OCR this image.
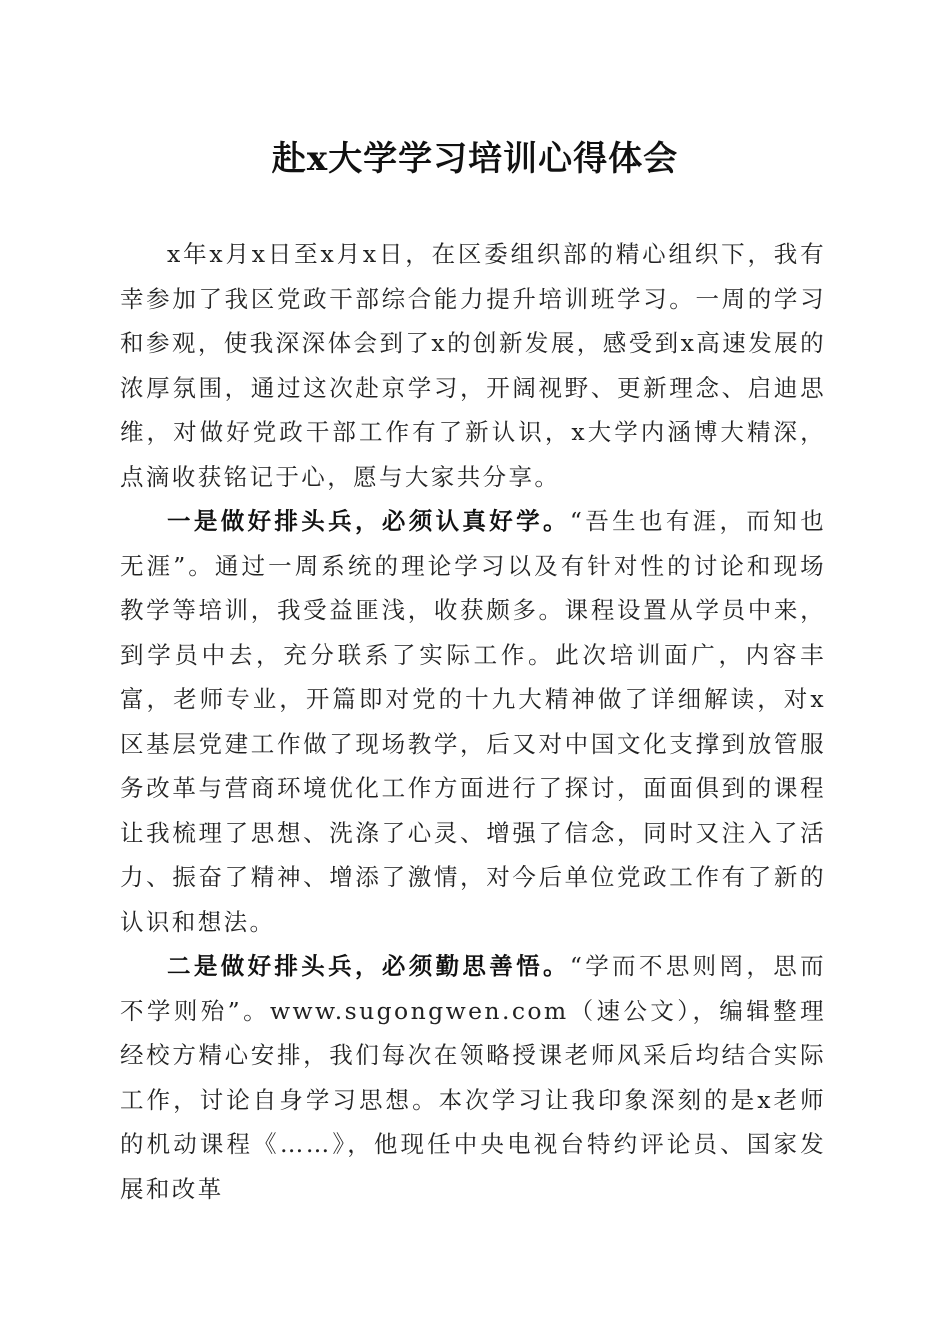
赴x大学学习培训心得体会

x年x月x日至x月x日，在区委组织部的精心组织下，我有幸参加了我区党政干部综合能力提升培训班学习。一周的学习和参观，使我深深体会到了x的创新发展，感受到x高速发展的浓厚氛围，通过这次赴京学习，开阔视野、更新理念、启迪思维，对做好党政干部工作有了新认识，x大学内涵博大精深，点滴收获铭记于心，愿与大家共分享。

一是做好排头兵，必须认真好学。“吾生也有涯，而知也无涯”。通过一周系统的理论学习以及有针对性的讨论和现场教学等培训，我受益匪浅，收获颇多。课程设置从学员中来，到学员中去，充分联系了实际工作。此次培训面广，内容丰富，老师专业，开篇即对党的十九大精神做了详细解读，对x区基层党建工作做了现场教学，后又对中国文化支撑到放管服务改革与营商环境优化工作方面进行了探讨，面面俱到的课程让我梳理了思想、洗涤了心灵、增强了信念，同时又注入了活力、振奋了精神、增添了激情，对今后单位党政工作有了新的认识和想法。

二是做好排头兵，必须勤思善悟。“学而不思则罔，思而不学则殆”。www.sugongwen.com（速公文），编辑整理经校方精心安排，我们每次在领略授课老师风采后均结合实际工作，讨论自身学习思想。本次学习让我印象深刻的是x老师的机动课程《……》，他现任中央电视台特约评论员、国家发展和改革
